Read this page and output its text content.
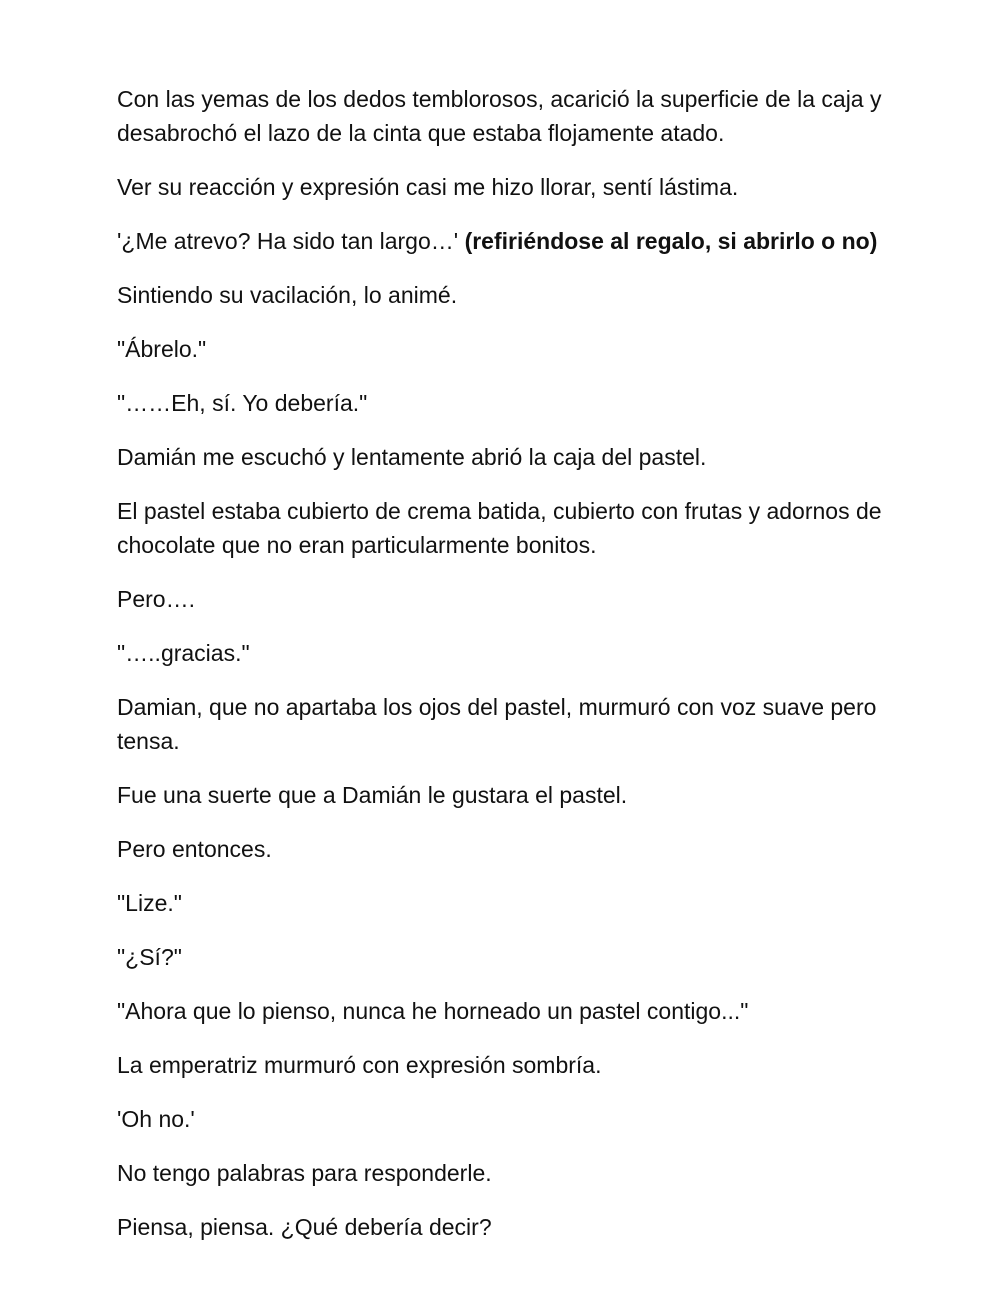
Con las yemas de los dedos temblorosos, acarició la superficie de la caja y desabrochó el lazo de la cinta que estaba flojamente atado.

Ver su reacción y expresión casi me hizo llorar, sentí lástima.

'¿Me atrevo? Ha sido tan largo…' (refiriéndose al regalo, si abrirlo o no)

Sintiendo su vacilación, lo animé.

"Ábrelo."

"……Eh, sí. Yo debería."

Damián me escuchó y lentamente abrió la caja del pastel.

El pastel estaba cubierto de crema batida, cubierto con frutas y adornos de chocolate que no eran particularmente bonitos.

Pero….

"…..gracias."

Damian, que no apartaba los ojos del pastel, murmuró con voz suave pero tensa.

Fue una suerte que a Damián le gustara el pastel.

Pero entonces.

"Lize."

"¿Sí?"

"Ahora que lo pienso, nunca he horneado un pastel contigo..."

La emperatriz murmuró con expresión sombría.

'Oh no.'

No tengo palabras para responderle.

Piensa, piensa. ¿Qué debería decir?
